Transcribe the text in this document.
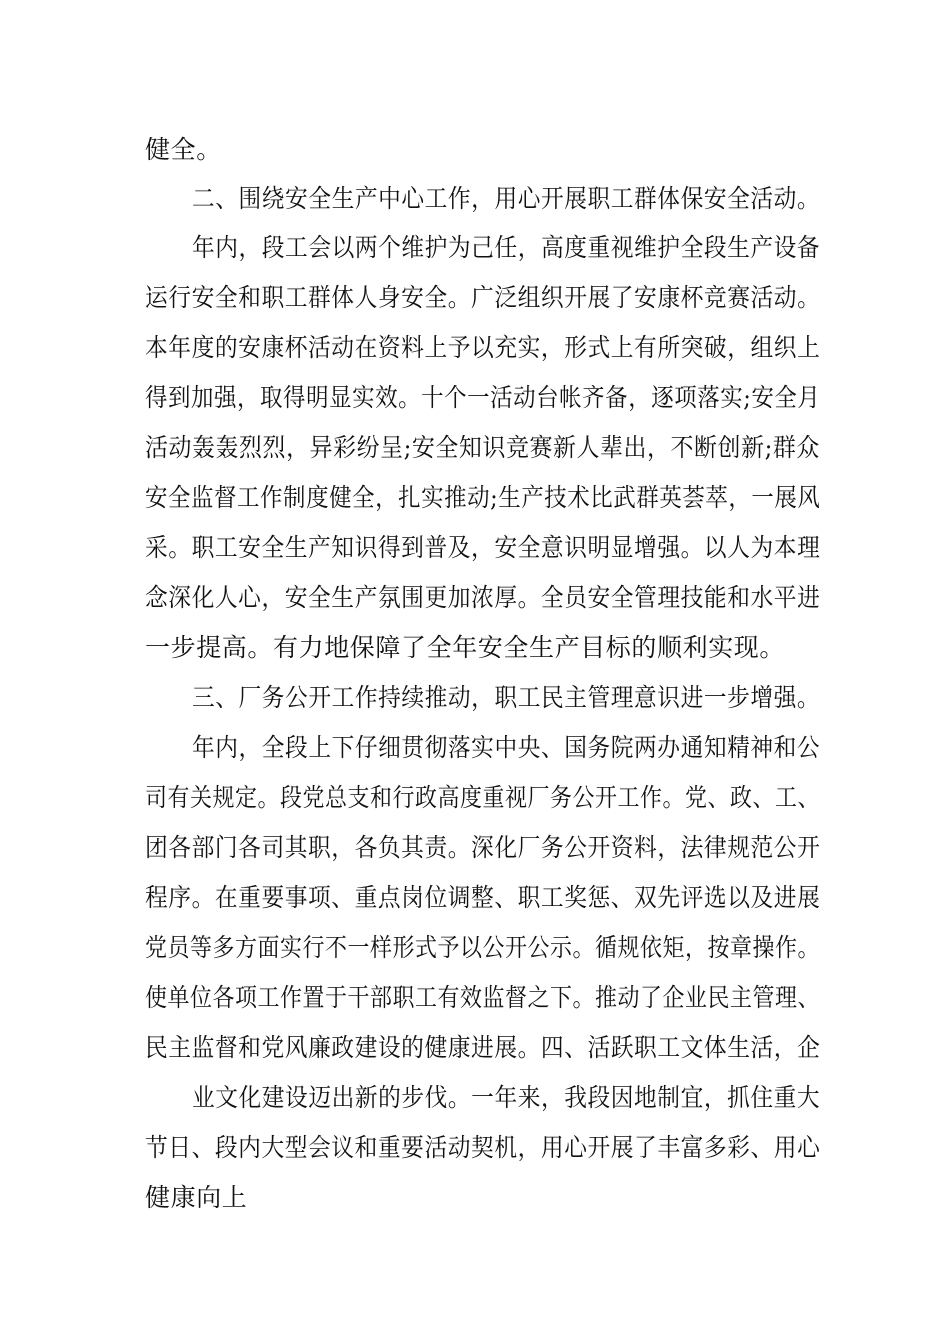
健全。
二、围绕安全生产中心工作，用心开展职工群体保安全活动。
年内，段工会以两个维护为己任，高度重视维护全段生产设备
运行安全和职工群体人身安全。广泛组织开展了安康杯竞赛活动。
本年度的安康杯活动在资料上予以充实，形式上有所突破，组织上
得到加强，取得明显实效。十个一活动台帐齐备，逐项落实;安全月
活动轰轰烈烈，异彩纷呈;安全知识竞赛新人辈出，不断创新;群众
安全监督工作制度健全，扎实推动;生产技术比武群英荟萃，一展风
采。职工安全生产知识得到普及，安全意识明显增强。以人为本理
念深化人心，安全生产氛围更加浓厚。全员安全管理技能和水平进
一步提高。有力地保障了全年安全生产目标的顺利实现。
三、厂务公开工作持续推动，职工民主管理意识进一步增强。
年内，全段上下仔细贯彻落实中央、国务院两办通知精神和公
司有关规定。段党总支和行政高度重视厂务公开工作。党、政、工、
团各部门各司其职，各负其责。深化厂务公开资料，法律规范公开
程序。在重要事项、重点岗位调整、职工奖惩、双先评选以及进展
党员等多方面实行不一样形式予以公开公示。循规依矩，按章操作。
使单位各项工作置于干部职工有效监督之下。推动了企业民主管理、
民主监督和党风廉政建设的健康进展。四、活跃职工文体生活，企
业文化建设迈出新的步伐。一年来，我段因地制宜，抓住重大
节日、段内大型会议和重要活动契机，用心开展了丰富多彩、用心
健康向上
